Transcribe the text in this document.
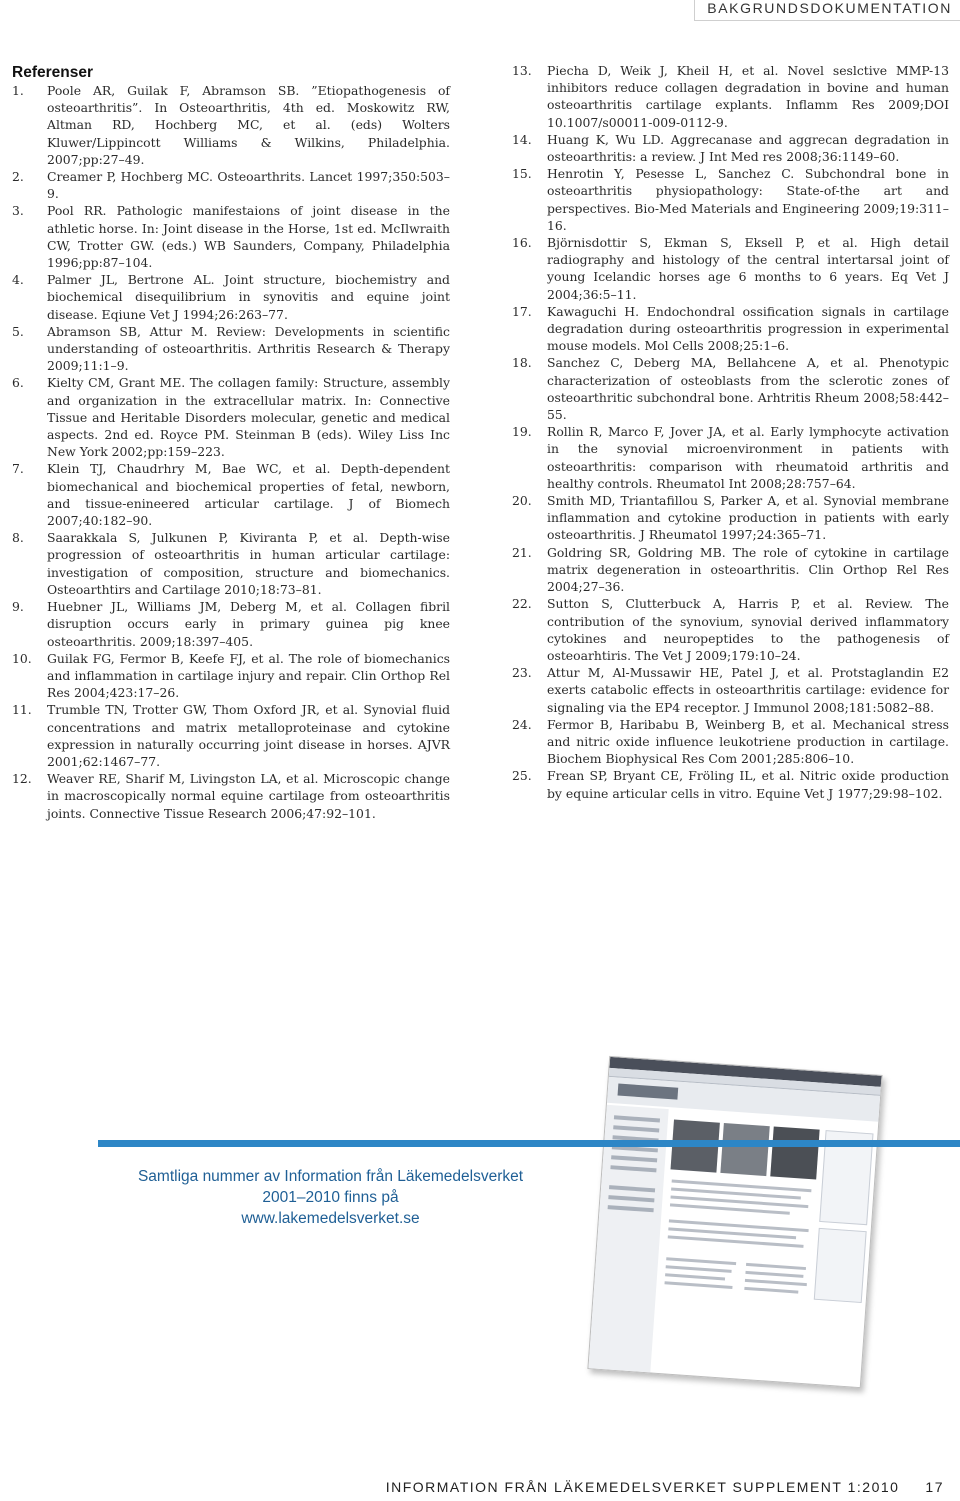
BAKGRUNDSDOKUMENTATION
Referenser
1. Poole AR, Guilak F, Abramson SB. ”Etiopathogenesis of osteoarthritis”. In Osteoarthritis, 4th ed. Moskowitz RW, Altman RD, Hochberg MC, et al. (eds) Wolters Kluwer/Lippincott Williams & Wilkins, Philadelphia. 2007;pp:27–49.
2. Creamer P, Hochberg MC. Osteoarthrits. Lancet 1997;350:503–9.
3. Pool RR. Pathologic manifestaions of joint disease in the athletic horse. In: Joint disease in the Horse, 1st ed. McIlwraith CW, Trotter GW. (eds.) WB Saunders, Company, Philadelphia 1996;pp:87–104.
4. Palmer JL, Bertrone AL. Joint structure, biochemistry and biochemical disequilibrium in synovitis and equine joint disease. Eqiune Vet J 1994;26:263–77.
5. Abramson SB, Attur M. Review: Developments in scientific understanding of osteoarthritis. Arthritis Research & Therapy 2009;11:1–9.
6. Kielty CM, Grant ME. The collagen family: Structure, assembly and organization in the extracellular matrix. In: Connective Tissue and Heritable Disorders molecular, genetic and medical aspects. 2nd ed. Royce PM. Steinman B (eds). Wiley Liss Inc New York 2002;pp:159–223.
7. Klein TJ, Chaudrhry M, Bae WC, et al. Depth-dependent biomechanical and biochemical properties of fetal, newborn, and tissue-enineered articular cartilage. J of Biomech 2007;40:182–90.
8. Saarakkala S, Julkunen P, Kiviranta P, et al. Depth-wise progression of osteoarthritis in human articular cartilage: investigation of composition, structure and biomechanics. Osteoarthtirs and Cartilage 2010;18:73–81.
9. Huebner JL, Williams JM, Deberg M, et al. Collagen fibril disruption occurs early in primary guinea pig knee osteoarthritis. 2009;18:397–405.
10. Guilak FG, Fermor B, Keefe FJ, et al. The role of biomechanics and inflammation in cartilage injury and repair. Clin Orthop Rel Res 2004;423:17–26.
11. Trumble TN, Trotter GW, Thom Oxford JR, et al. Synovial fluid concentrations and matrix metalloproteinase and cytokine expression in naturally occurring joint disease in horses. AJVR 2001;62:1467–77.
12. Weaver RE, Sharif M, Livingston LA, et al. Microscopic change in macroscopically normal equine cartilage from osteoarthritis joints. Connective Tissue Research 2006;47:92–101.
13. Piecha D, Weik J, Kheil H, et al. Novel seslctive MMP-13 inhibitors reduce collagen degradation in bovine and human osteoarthritis cartilage explants. Inflamm Res 2009;DOI 10.1007/s00011-009-0112-9.
14. Huang K, Wu LD. Aggrecanase and aggrecan degradation in osteoarthritis: a review. J Int Med res 2008;36:1149–60.
15. Henrotin Y, Pesesse L, Sanchez C. Subchondral bone in osteoarthritis physiopathology: State-of-the art and perspectives. Bio-Med Materials and Engineering 2009;19:311–16.
16. Björnisdottir S, Ekman S, Eksell P, et al. High detail radiography and histology of the central intertarsal joint of young Icelandic horses age 6 months to 6 years. Eq Vet J 2004;36:5–11.
17. Kawaguchi H. Endochondral ossification signals in cartilage degradation during osteoarthritis progression in experimental mouse models. Mol Cells 2008;25:1–6.
18. Sanchez C, Deberg MA, Bellahcene A, et al. Phenotypic characterization of osteoblasts from the sclerotic zones of osteoarthritic subchondral bone. Arhtritis Rheum 2008;58:442–55.
19. Rollin R, Marco F, Jover JA, et al. Early lymphocyte activation in the synovial microenvironment in patients with osteoarthritis: comparison with rheumatoid arthritis and healthy controls. Rheumatol Int 2008;28:757–64.
20. Smith MD, Triantafillou S, Parker A, et al. Synovial membrane inflammation and cytokine production in patients with early osteoarthritis. J Rheumatol 1997;24:365–71.
21. Goldring SR, Goldring MB. The role of cytokine in cartilage matrix degeneration in osteoarthritis. Clin Orthop Rel Res 2004;27–36.
22. Sutton S, Clutterbuck A, Harris P, et al. Review. The contribution of the synovium, synovial derived inflammatory cytokines and neuropeptides to the pathogenesis of osteoarhtiris. The Vet J 2009;179:10–24.
23. Attur M, Al-Mussawir HE, Patel J, et al. Protstaglandin E2 exerts catabolic effects in osteoarthritis cartilage: evidence for signaling via the EP4 receptor. J Immunol 2008;181:5082–88.
24. Fermor B, Haribabu B, Weinberg B, et al. Mechanical stress and nitric oxide influence leukotriene production in cartilage. Biochem Biophysical Res Com 2001;285:806–10.
25. Frean SP, Bryant CE, Fröling IL, et al. Nitric oxide production by equine articular cells in vitro. Equine Vet J 1977;29:98–102.
Samtliga nummer av Information från Läkemedelsverket
2001–2010 finns på
www.lakemedelsverket.se
INFORMATION FRÅN LÄKEMEDELSVERKET SUPPLEMENT 1:2010 17
